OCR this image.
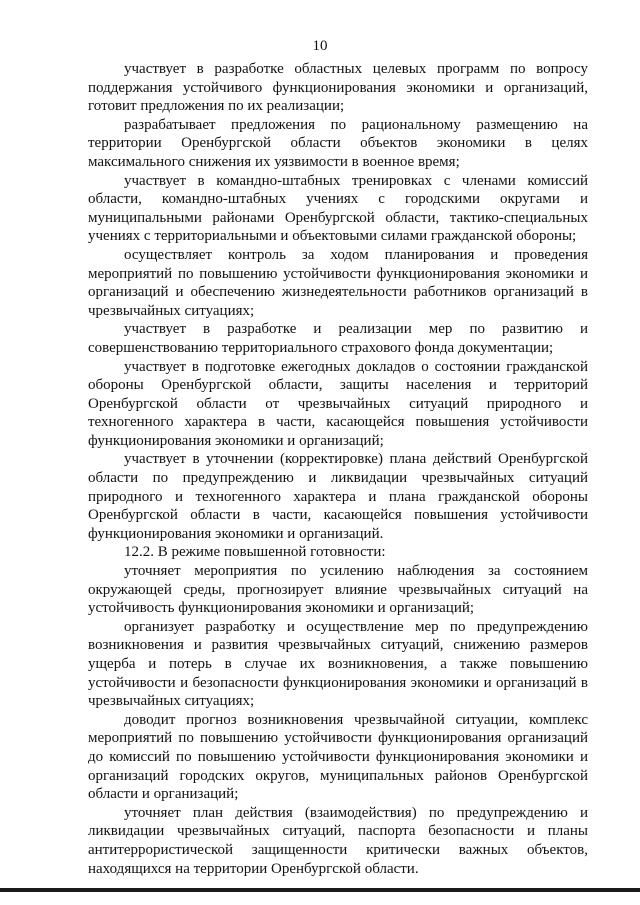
10

участвует в разработке областных целевых программ по вопросу поддержания устойчивого функционирования экономики и организаций, готовит предложения по их реализации;

разрабатывает предложения по рациональному размещению на территории Оренбургской области объектов экономики в целях максимального снижения их уязвимости в военное время;

участвует в командно-штабных тренировках с членами комиссий области, командно-штабных учениях с городскими округами и муниципальными районами Оренбургской области, тактико-специальных учениях с территориальными и объектовыми силами гражданской обороны;

осуществляет контроль за ходом планирования и проведения мероприятий по повышению устойчивости функционирования экономики и организаций и обеспечению жизнедеятельности работников организаций в чрезвычайных ситуациях;

участвует в разработке и реализации мер по развитию и совершенствованию территориального страхового фонда документации;

участвует в подготовке ежегодных докладов о состоянии гражданской обороны Оренбургской области, защиты населения и территорий Оренбургской области от чрезвычайных ситуаций природного и техногенного характера в части, касающейся повышения устойчивости функционирования экономики и организаций;

участвует в уточнении (корректировке) плана действий Оренбургской области по предупреждению и ликвидации чрезвычайных ситуаций природного и техногенного характера и плана гражданской обороны Оренбургской области в части, касающейся повышения устойчивости функционирования экономики и организаций.

12.2. В режиме повышенной готовности:

уточняет мероприятия по усилению наблюдения за состоянием окружающей среды, прогнозирует влияние чрезвычайных ситуаций на устойчивость функционирования экономики и организаций;

организует разработку и осуществление мер по предупреждению возникновения и развития чрезвычайных ситуаций, снижению размеров ущерба и потерь в случае их возникновения, а также повышению устойчивости и безопасности функционирования экономики и организаций в чрезвычайных ситуациях;

доводит прогноз возникновения чрезвычайной ситуации, комплекс мероприятий по повышению устойчивости функционирования организаций до комиссий по повышению устойчивости функционирования экономики и организаций городских округов, муниципальных районов Оренбургской области и организаций;

уточняет план действия (взаимодействия) по предупреждению и ликвидации чрезвычайных ситуаций, паспорта безопасности и планы антитеррористической защищенности критически важных объектов, находящихся на территории Оренбургской области.
